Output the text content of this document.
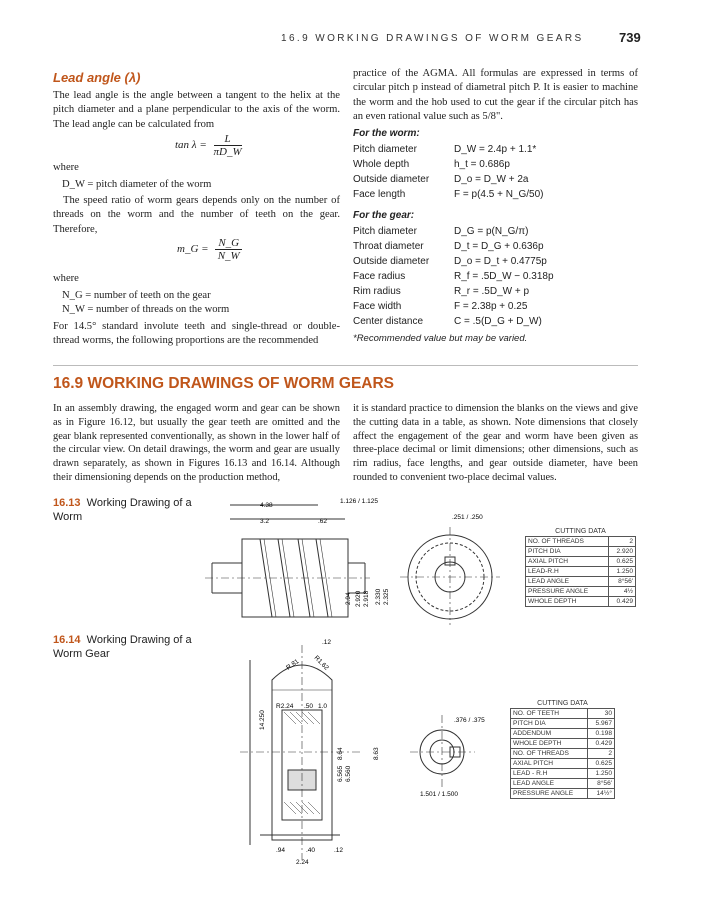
16.9 WORKING DRAWINGS OF WORM GEARS	739
Lead angle (λ)

The lead angle is the angle between a tangent to the helix at the pitch diameter and a plane perpendicular to the axis of the worm. The lead angle can be calculated from

$\tan \lambda = \frac{L}{\pi D\_W}$
where
D_W = pitch diameter of the worm

The speed ratio of worm gears depends only on the number of threads on the worm and the number of teeth on the gear. Therefore,

m_G = $\frac{N\_G}{N\_W}$
where
N_G = number of teeth on the gear
N_W = number of threads on the worm

For 14.5° standard involute teeth and single-thread or double-thread worms, the following proportions are the recommended

practice of the AGMA. All formulas are expressed in terms of circular pitch p instead of diametral pitch P. It is easier to machine the worm and the hob used to cut the gear if the circular pitch has an even rational value such as 5/8".

For the worm:
Pitch diameter	D_W = 2.4p + 1.1*
Whole depth	h_t = 0.686p
Outside diameter	D_o = D_W + 2a
Face length	F = p(4.5 + N_G/50)
For the gear:
Pitch diameter	D_G = p(N_G/π)
Throat diameter	D_t = D_G + 0.636p
Outside diameter	D_o = D_t + 0.4775p
Face radius	R_f = .5D_W − 0.318p
Rim radius	R_r = .5D_W + p
Face width	F = 2.38p + 0.25
Center distance	C = .5(D_G + D_W)
*Recommended value but may be varied.
16.9 WORKING DRAWINGS OF WORM GEARS

In an assembly drawing, the engaged worm and gear can be shown as in Figure 16.12, but usually the gear teeth are omitted and the gear blank represented conventionally, as shown in the lower half of the circular view. On detail drawings, the worm and gear are usually drawn separately, as shown in Figures 16.13 and 16.14. Although their dimensioning depends on the production method,

it is standard practice to dimension the blanks on the views and give the cutting data in a table, as shown. Note dimensions that closely affect the engagement of the gear and worm have been given as three-place decimal or limit dimensions; other dimensions, such as rim radius, face lengths, and gear outside diameter, have been rounded to convenient two-place decimal values.

16.13 Working Drawing of a Worm
4.38
3.2	.62
1.126 / 1.125
.251 / .250
2.94 2.920 2.918 2.330 2.325
CUTTING DATA
NO. OF THREADS	2
PITCH DIA	2.920
AXIAL PITCH	0.625
LEAD-R.H	1.250
LEAD ANGLE	8°56'
PRESSURE ANGLE	4½
WHOLE DEPTH	0.429
16.14 Working Drawing of a Worm Gear
.12
R.81 R1.62
R2.24 .50 1.0
14.250
8.64	8.63
.376 / .375
6.565 6.560
1.501 / 1.500
.94	.40	.12
2.24
CUTTING DATA
NO. OF TEETH	30
PITCH DIA	5.967
ADDENDUM	0.198
WHOLE DEPTH	0.429
NO. OF THREADS	2
AXIAL PITCH	0.625
LEAD - R.H	1.250
LEAD ANGLE	8°56'
PRESSURE ANGLE	14½°
